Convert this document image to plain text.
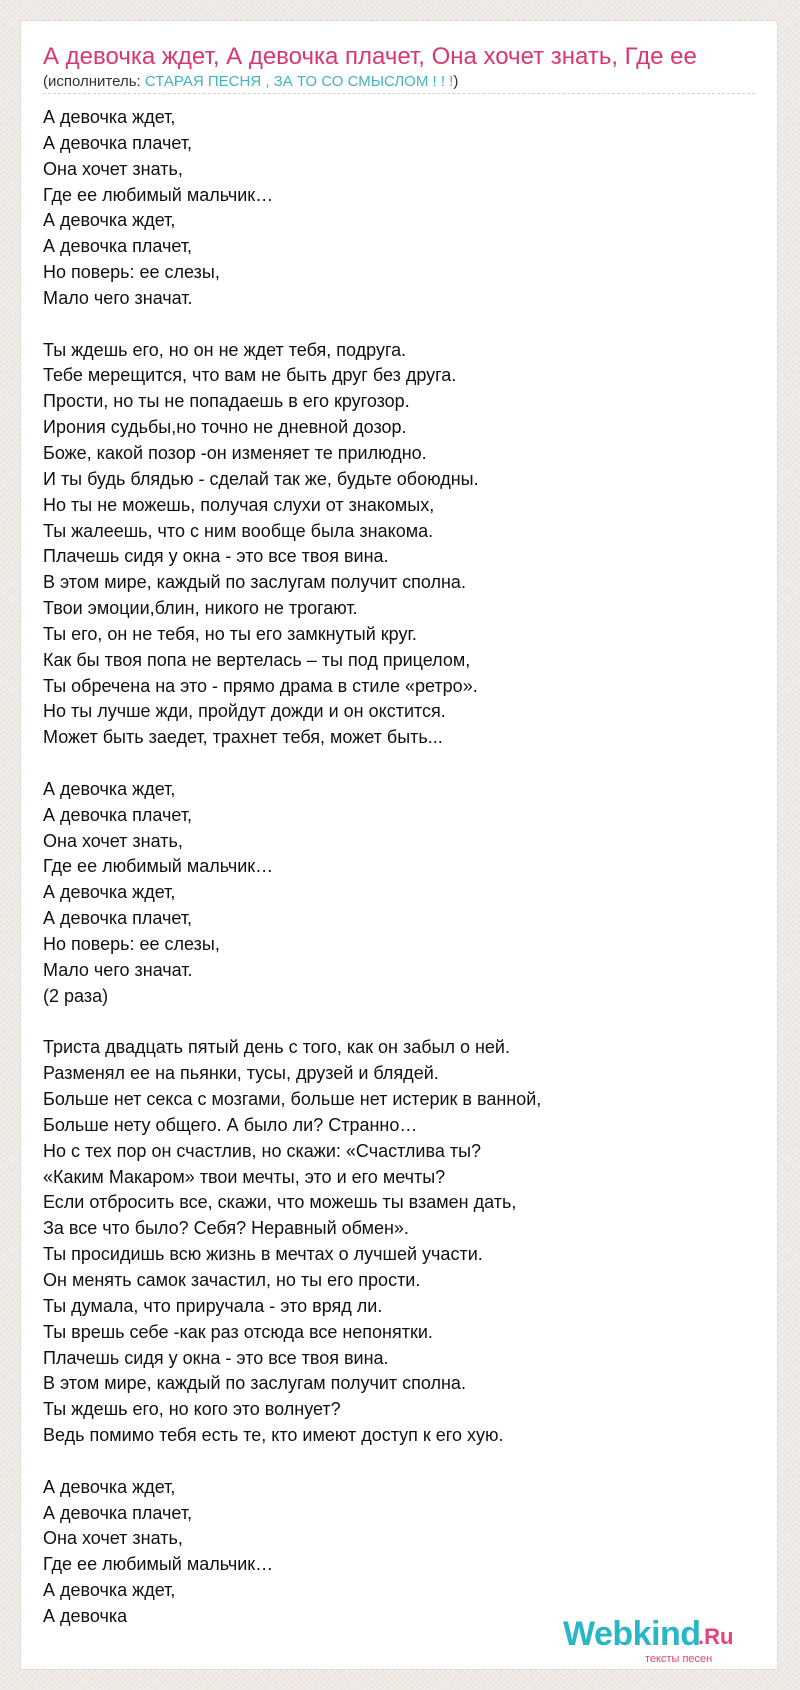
А девочка ждет, А девочка плачет, Она хочет знать, Где ее
(исполнитель: СТАРАЯ ПЕСНЯ , ЗА ТО СО СМЫСЛОМ ! ! !)
А девочка ждет,
А девочка плачет,
Она хочет знать,
Где ее любимый мальчик…
А девочка ждет,
А девочка плачет,
Но поверь: ее слезы,
Мало чего значат.

Ты ждешь его, но он не ждет тебя, подруга.
Тебе мерещится, что вам не быть друг без друга.
Прости, но ты не попадаешь в его кругозор.
Ирония судьбы,но точно не дневной дозор.
Боже, какой позор -он изменяет те прилюдно.
И ты будь блядью - сделай так же, будьте обоюдны.
Но ты не можешь, получая слухи от знакомых,
Ты жалеешь, что с ним вообще была знакома.
Плачешь сидя у окна - это все твоя вина.
В этом мире, каждый по заслугам получит сполна.
Твои эмоции,блин, никого не трогают.
Ты его, он не тебя, но ты его замкнутый круг.
Как бы твоя попа не вертелась – ты под прицелом,
Ты обречена на это - прямо драма в стиле «ретро».
Но ты лучше жди, пройдут дожди и он окстится.
Может быть заедет, трахнет тебя, может быть...

А девочка ждет,
А девочка плачет,
Она хочет знать,
Где ее любимый мальчик…
А девочка ждет,
А девочка плачет,
Но поверь: ее слезы,
Мало чего значат.
(2 раза)

Триста двадцать пятый день с того, как он забыл о ней.
Разменял ее на пьянки, тусы, друзей и блядей.
Больше нет секса с мозгами, больше нет истерик в ванной,
Больше нету общего. А было ли? Странно…
Но с тех пор он счастлив, но скажи: «Счастлива ты?
«Каким Макаром» твои мечты, это и его мечты?
Если отбросить все, скажи, что можешь ты взамен дать,
За все что было? Себя? Неравный обмен».
Ты просидишь всю жизнь в мечтах о лучшей участи.
Он менять самок зачастил, но ты его прости.
Ты думала, что приручала - это вряд ли.
Ты врешь себе -как раз отсюда все непонятки.
Плачешь сидя у окна - это все твоя вина.
В этом мире, каждый по заслугам получит сполна.
Ты ждешь его, но кого это волнует?
Ведь помимо тебя есть те, кто имеют доступ к его хую.

А девочка ждет,
А девочка плачет,
Она хочет знать,
Где ее любимый мальчик…
А девочка ждет,
А девочка	Webkind
.Ru
тексты песен
